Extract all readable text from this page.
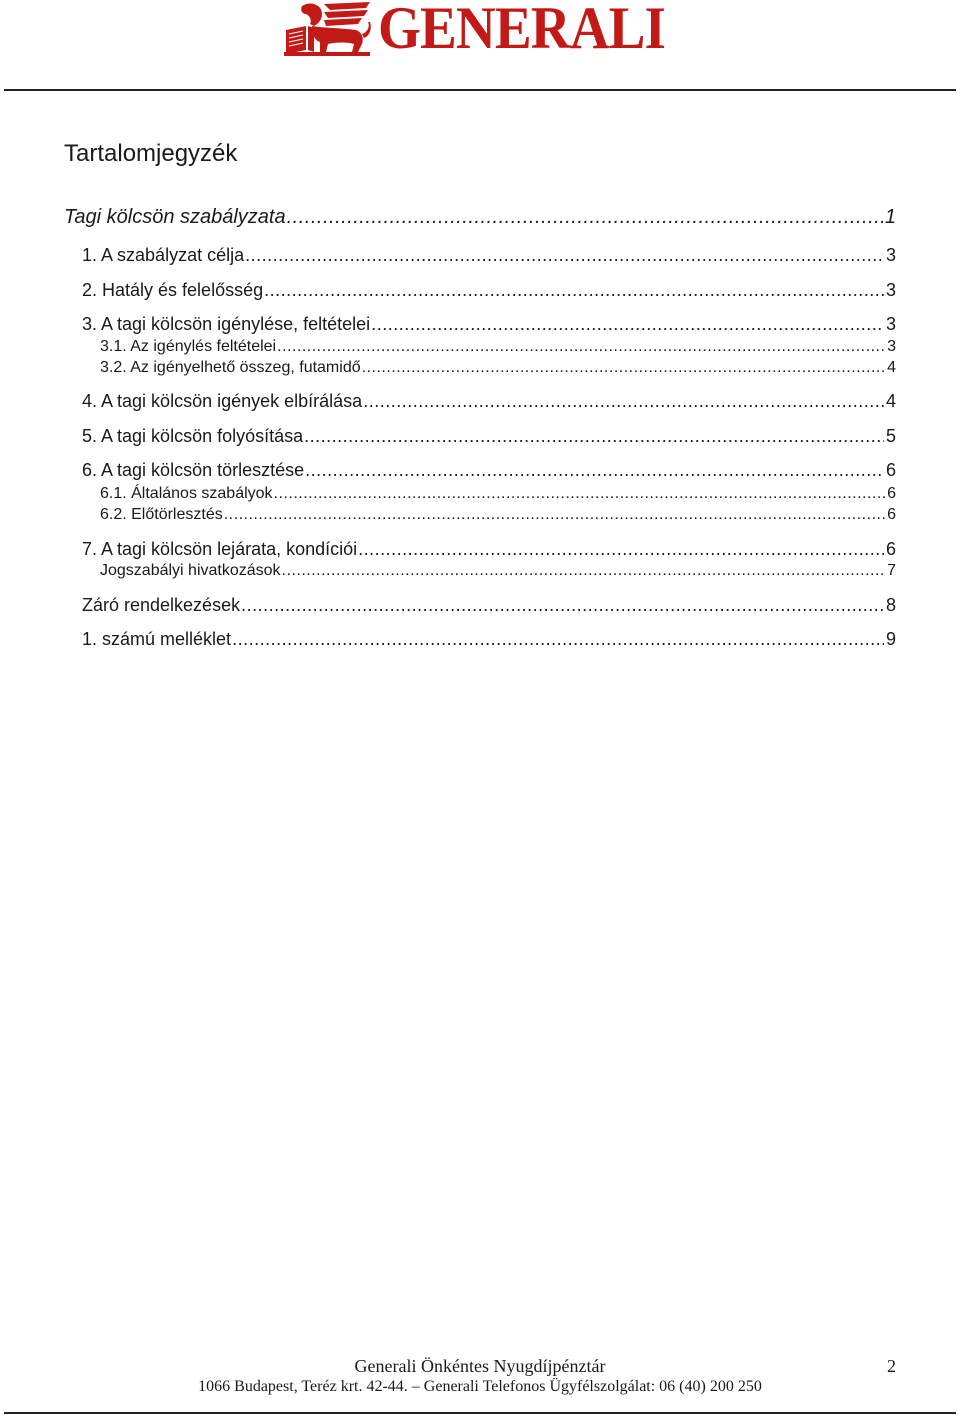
GENERALI
Tartalomjegyzék
Tagi kölcsön szabályzata .....	1
1. A szabályzat célja .....	3
2. Hatály és felelősség .....	3
3. A tagi kölcsön igénylése, feltételei .....	3
3.1. Az igénylés feltételei .....	3
3.2. Az igényelhető összeg, futamidő .....	4
4. A tagi kölcsön igények elbírálása .....	4
5. A tagi kölcsön folyósítása .....	5
6. A tagi kölcsön törlesztése .....	6
6.1. Általános szabályok .....	6
6.2. Előtörlesztés .....	6
7. A tagi kölcsön lejárata, kondíciói .....	6
Jogszabályi hivatkozások .....	7
Záró rendelkezések .....	8
1. számú melléklet .....	9
Generali Önkéntes Nyugdíjpénztár	2
1066 Budapest, Teréz krt. 42-44. – Generali Telefonos Ügyfélszolgálat: 06 (40) 200 250
